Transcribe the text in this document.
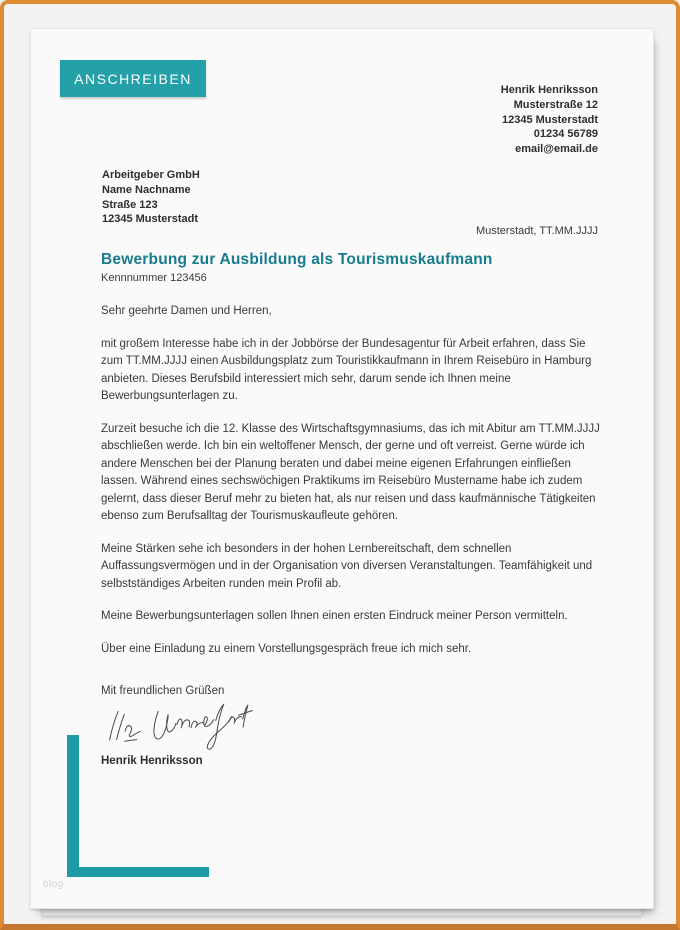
anschreiben
Henrik Henriksson
Musterstraße 12
12345 Musterstadt
01234 56789
email@email.de
Arbeitgeber GmbH
Name Nachname
Straße 123
12345 Musterstadt
Musterstadt, TT.MM.JJJJ
Bewerbung zur Ausbildung als Tourismuskaufmann
Kennnummer 123456
Sehr geehrte Damen und Herren,
mit großem Interesse habe ich in der Jobbörse der Bundesagentur für Arbeit erfahren, dass Sie zum TT.MM.JJJJ einen Ausbildungsplatz zum Touristikkaufmann in Ihrem Reisebüro in Hamburg anbieten. Dieses Berufsbild interessiert mich sehr, darum sende ich Ihnen meine Bewerbungsunterlagen zu.
Zurzeit besuche ich die 12. Klasse des Wirtschaftsgymnasiums, das ich mit Abitur am TT.MM.JJJJ abschließen werde. Ich bin ein weltoffener Mensch, der gerne und oft verreist. Gerne würde ich andere Menschen bei der Planung beraten und dabei meine eigenen Erfahrungen einfließen lassen. Während eines sechswöchigen Praktikums im Reisebüro Mustername habe ich zudem gelernt, dass dieser Beruf mehr zu bieten hat, als nur reisen und dass kaufmännische Tätigkeiten ebenso zum Berufsalltag der Tourismuskaufleute gehören.
Meine Stärken sehe ich besonders in der hohen Lernbereitschaft, dem schnellen Auffassungsvermögen und in der Organisation von diversen Veranstaltungen. Teamfähigkeit und selbstständiges Arbeiten runden mein Profil ab.
Meine Bewerbungsunterlagen sollen Ihnen einen ersten Eindruck meiner Person vermitteln.
Über eine Einladung zu einem Vorstellungsgespräch freue ich mich sehr.
Mit freundlichen Grüßen
Henrik Henriksson
blog
